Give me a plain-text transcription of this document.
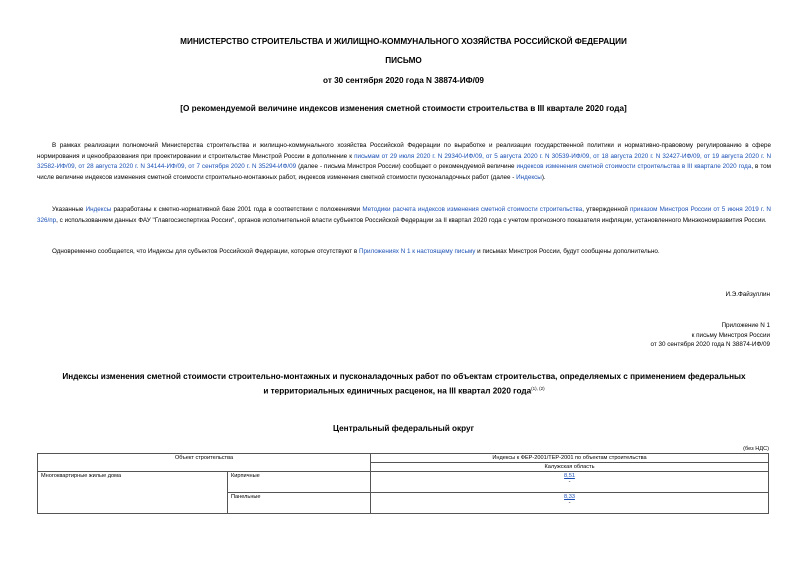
МИНИСТЕРСТВО СТРОИТЕЛЬСТВА И ЖИЛИЩНО-КОММУНАЛЬНОГО ХОЗЯЙСТВА РОССИЙСКОЙ ФЕДЕРАЦИИ
ПИСЬМО
от 30 сентября 2020 года N 38874-ИФ/09
[О рекомендуемой величине индексов изменения сметной стоимости строительства в III квартале 2020 года]
В рамках реализации полномочий Министерства строительства и жилищно-коммунального хозяйства Российской Федерации по выработке и реализации государственной политики и нормативно-правовому регулированию в сфере нормирования и ценообразования при проектировании и строительстве Минстрой России в дополнение к письмам от 29 июля 2020 г. N 29340-ИФ/09, от 5 августа 2020 г. N 30539-ИФ/09, от 18 августа 2020 г. N 32427-ИФ/09, от 19 августа 2020 г. N 32582-ИФ/09, от 28 августа 2020 г. N 34144-ИФ/09, от 7 сентября 2020 г. N 35294-ИФ/09 (далее - письма Минстроя России) сообщает о рекомендуемой величине индексов изменения сметной стоимости строительства в III квартале 2020 года, в том числе величине индексов изменения сметной стоимости строительно-монтажных работ, индексов изменения сметной стоимости пусконаладочных работ (далее - Индексы).
Указанные Индексы разработаны к сметно-нормативной базе 2001 года в соответствии с положениями Методики расчета индексов изменения сметной стоимости строительства, утвержденной приказом Минстроя России от 5 июня 2019 г. N 326/пр, с использованием данных ФАУ "Главгосэкспертиза России", органов исполнительной власти субъектов Российской Федерации за II квартал 2020 года с учетом прогнозного показателя инфляции, установленного Минэкономразвития России.
Одновременно сообщается, что Индексы для субъектов Российской Федерации, которые отсутствуют в Приложениях N 1 к настоящему письму и письмах Минстроя России, будут сообщены дополнительно.
И.Э.Файзуллин
Приложение N 1
к письму Минстроя России
от 30 сентября 2020 года N 38874-ИФ/09
Индексы изменения сметной стоимости строительно-монтажных и пусконаладочных работ по объектам строительства, определяемых с применением федеральных и территориальных единичных расценок, на III квартал 2020 года$^{(1), (2)}$
Центральный федеральный округ
(без НДС)
Объект строительства		Индексы к ФЕР-2001/ТЕР-2001 по объектам строительства
		Калужская область
Многоквартирные жилые дома	Кирпичные	8,51
-

	Панельные	8,33
-
